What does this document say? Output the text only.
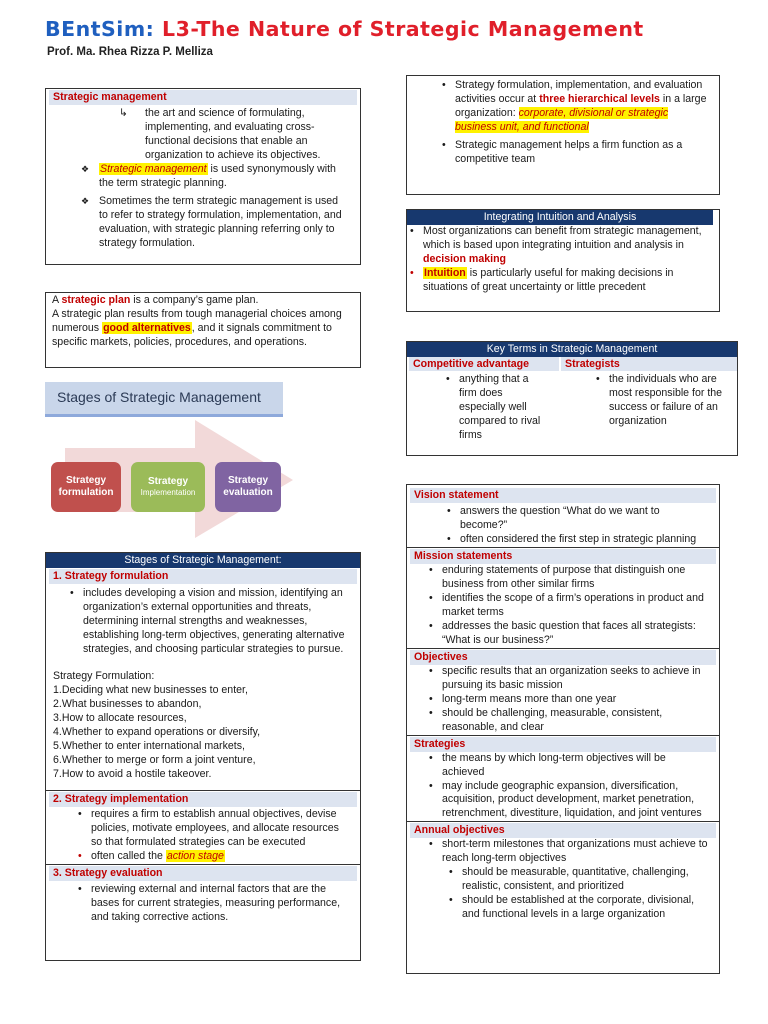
BEntSim: L3-The Nature of Strategic Management
Prof. Ma. Rhea Rizza P. Melliza
Strategic management
↳ the art and science of formulating, implementing, and evaluating cross-functional decisions that enable an organization to achieve its objectives.
❖ Strategic management is used synonymously with the term strategic planning.
❖ Sometimes the term strategic management is used to refer to strategy formulation, implementation, and evaluation, with strategic planning referring only to strategy formulation.

A strategic plan is a company’s game plan.

A strategic plan results from tough managerial choices among numerous good alternatives, and it signals commitment to specific markets, policies, procedures, and operations.

Stages of Strategic Management
Strategy formulation
Strategy
Implementation
Strategy evaluation
Stages of Strategic Management:
1. Strategy formulation
• includes developing a vision and mission, identifying an organization’s external opportunities and threats, determining internal strengths and weaknesses, establishing long-term objectives, generating alternative strategies, and choosing particular strategies to pursue.

Strategy Formulation:

1.Deciding what new businesses to enter,

2.What businesses to abandon,

3.How to allocate resources,

4.Whether to expand operations or diversify,

5.Whether to enter international markets,

6.Whether to merge or form a joint venture,

7.How to avoid a hostile takeover.

2. Strategy implementation
• requires a firm to establish annual objectives, devise policies, motivate employees, and allocate resources so that formulated strategies can be executed
• often called the action stage
3. Strategy evaluation
• reviewing external and internal factors that are the bases for current strategies, measuring performance, and taking corrective actions.
• Strategy formulation, implementation, and evaluation activities occur at three hierarchical levels in a large organization: corporate, divisional or strategic business unit, and functional
• Strategic management helps a firm function as a competitive team
Integrating Intuition and Analysis
• Most organizations can benefit from strategic management, which is based upon integrating intuition and analysis in decision making
• Intuition is particularly useful for making decisions in situations of great uncertainty or little precedent
Key Terms in Strategic Management
Competitive advantage	Strategists
• anything that a firm does especially well compared to rival firms
• the individuals who are most responsible for the success or failure of an organization
Vision statement
• answers the question “What do we want to become?”
• often considered the first step in strategic planning
Mission statements
• enduring statements of purpose that distinguish one business from other similar firms
• identifies the scope of a firm’s operations in product and market terms
• addresses the basic question that faces all strategists: “What is our business?”
Objectives
• specific results that an organization seeks to achieve in pursuing its basic mission
• long-term means more than one year
• should be challenging, measurable, consistent, reasonable, and clear
Strategies
• the means by which long-term objectives will be achieved
• may include geographic expansion, diversification, acquisition, product development, market penetration, retrenchment, divestiture, liquidation, and joint ventures
Annual objectives
• short-term milestones that organizations must achieve to reach long-term objectives
• should be measurable, quantitative, challenging, realistic, consistent, and prioritized
• should be established at the corporate, divisional, and functional levels in a large organization
